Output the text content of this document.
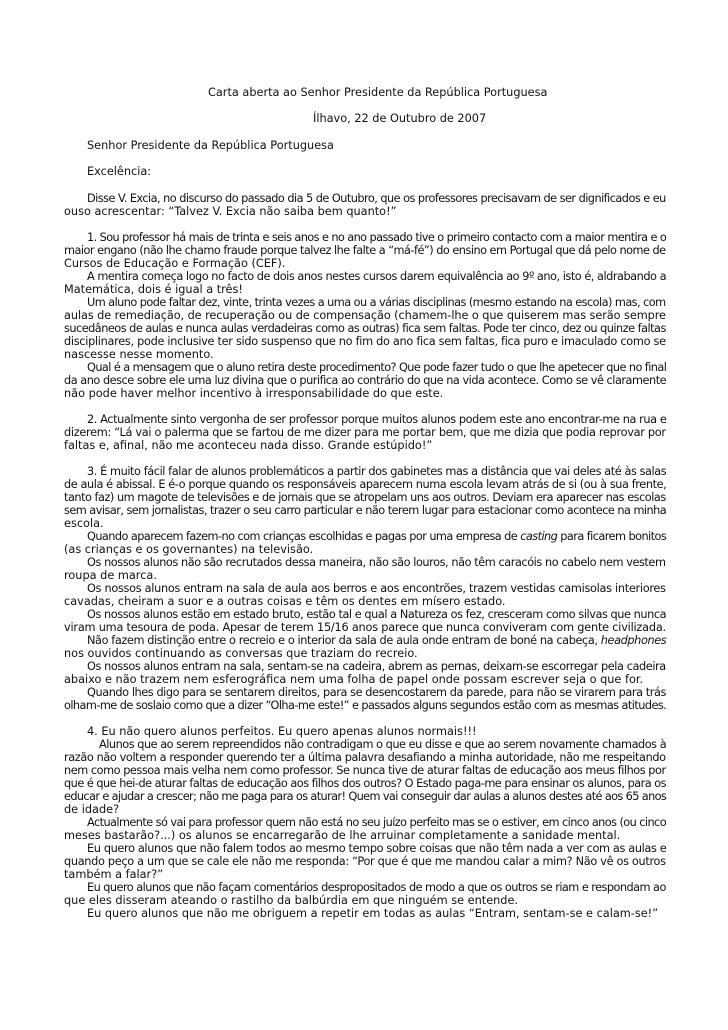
Carta aberta ao Senhor Presidente da República Portuguesa
Ílhavo, 22 de Outubro de 2007
Senhor Presidente da República Portuguesa
Excelência:
Disse V. Excia, no discurso do passado dia 5 de Outubro, que os professores precisavam de ser dignificados e eu
ouso acrescentar: “Talvez V. Excia não saiba bem quanto!”
1. Sou professor há mais de trinta e seis anos e no ano passado tive o primeiro contacto com a maior mentira e o
maior engano (não lhe chamo fraude porque talvez lhe falte a “má-fé”) do ensino em Portugal que dá pelo nome de
Cursos de Educação e Formação (CEF).
A mentira começa logo no facto de dois anos nestes cursos darem equivalência ao 9º ano, isto é, aldrabando a
Matemática, dois é igual a três!
Um aluno pode faltar dez, vinte, trinta vezes a uma ou a várias disciplinas (mesmo estando na escola) mas, com
aulas de remediação, de recuperação ou de compensação (chamem-lhe o que quiserem mas serão sempre
sucedâneos de aulas e nunca aulas verdadeiras como as outras) fica sem faltas. Pode ter cinco, dez ou quinze faltas
disciplinares, pode inclusive ter sido suspenso que no fim do ano fica sem faltas, fica puro e imaculado como se
nascesse nesse momento.
Qual é a mensagem que o aluno retira deste procedimento? Que pode fazer tudo o que lhe apetecer que no final
da ano desce sobre ele uma luz divina que o purifica ao contrário do que na vida acontece. Como se vê claramente
não pode haver melhor incentivo à irresponsabilidade do que este.
2. Actualmente sinto vergonha de ser professor porque muitos alunos podem este ano encontrar-me na rua e
dizerem: “Lá vai o palerma que se fartou de me dizer para me portar bem, que me dizia que podia reprovar por
faltas e, afinal, não me aconteceu nada disso. Grande estúpido!”
3. É muito fácil falar de alunos problemáticos a partir dos gabinetes mas a distância que vai deles até às salas
de aula é abissal. E é-o porque quando os responsáveis aparecem numa escola levam atrás de si (ou à sua frente,
tanto faz) um magote de televisões e de jornais que se atropelam uns aos outros. Deviam era aparecer nas escolas
sem avisar, sem jornalistas, trazer o seu carro particular e não terem lugar para estacionar como acontece na minha
escola.
Quando aparecem fazem-no com crianças escolhidas e pagas por uma empresa de casting para ficarem bonitos
(as crianças e os governantes) na televisão.
Os nossos alunos não são recrutados dessa maneira, não são louros, não têm caracóis no cabelo nem vestem
roupa de marca.
Os nossos alunos entram na sala de aula aos berros e aos encontrões, trazem vestidas camisolas interiores
cavadas, cheiram a suor e a outras coisas e têm os dentes em mísero estado.
Os nossos alunos estão em estado bruto, estão tal e qual a Natureza os fez, cresceram como silvas que nunca
viram uma tesoura de poda. Apesar de terem 15/16 anos parece que nunca conviveram com gente civilizada.
Não fazem distinção entre o recreio e o interior da sala de aula onde entram de boné na cabeça, headphones
nos ouvidos continuando as conversas que traziam do recreio.
Os nossos alunos entram na sala, sentam-se na cadeira, abrem as pernas, deixam-se escorregar pela cadeira
abaixo e não trazem nem esferográfica nem uma folha de papel onde possam escrever seja o que for.
Quando lhes digo para se sentarem direitos, para se desencostarem da parede, para não se virarem para trás
olham-me de soslaio como que a dizer “Olha-me este!” e passados alguns segundos estão com as mesmas atitudes.
4. Eu não quero alunos perfeitos. Eu quero apenas alunos normais!!!
Alunos que ao serem repreendidos não contradigam o que eu disse e que ao serem novamente chamados à
razão não voltem a responder querendo ter a última palavra desafiando a minha autoridade, não me respeitando
nem como pessoa mais velha nem como professor. Se nunca tive de aturar faltas de educação aos meus filhos por
que é que hei-de aturar faltas de educação aos filhos dos outros? O Estado paga-me para ensinar os alunos, para os
educar e ajudar a crescer; não me paga para os aturar! Quem vai conseguir dar aulas a alunos destes até aos 65 anos
de idade?
Actualmente só vai para professor quem não está no seu juízo perfeito mas se o estiver, em cinco anos (ou cinco
meses bastarão?...) os alunos se encarregarão de lhe arruinar completamente a sanidade mental.
Eu quero alunos que não falem todos ao mesmo tempo sobre coisas que não têm nada a ver com as aulas e
quando peço a um que se cale ele não me responda: “Por que é que me mandou calar a mim? Não vê os outros
também a falar?”
Eu quero alunos que não façam comentários despropositados de modo a que os outros se riam e respondam ao
que eles disseram ateando o rastilho da balbúrdia em que ninguém se entende.
Eu quero alunos que não me obriguem a repetir em todas as aulas “Entram, sentam-se e calam-se!”
